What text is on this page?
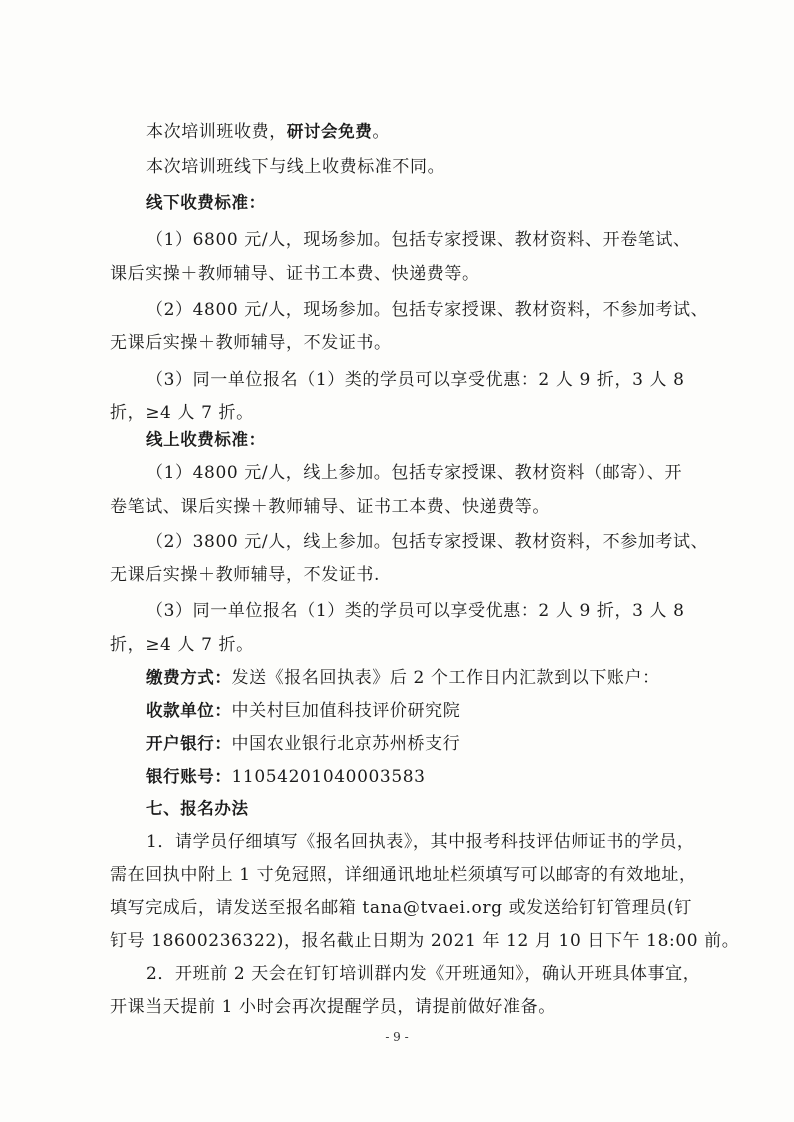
本次培训班收费，研讨会免费。
本次培训班线下与线上收费标准不同。
线下收费标准：
（1）6800 元/人，现场参加。包括专家授课、教材资料、开卷笔试、
课后实操＋教师辅导、证书工本费、快递费等。
（2）4800 元/人，现场参加。包括专家授课、教材资料，不参加考试、
无课后实操＋教师辅导，不发证书。
（3）同一单位报名（1）类的学员可以享受优惠：2 人 9 折，3 人 8
折，≥4 人 7 折。
线上收费标准：
（1）4800 元/人，线上参加。包括专家授课、教材资料（邮寄）、开
卷笔试、课后实操＋教师辅导、证书工本费、快递费等。
（2）3800 元/人，线上参加。包括专家授课、教材资料，不参加考试、
无课后实操＋教师辅导，不发证书.
（3）同一单位报名（1）类的学员可以享受优惠：2 人 9 折，3 人 8
折，≥4 人 7 折。
缴费方式：发送《报名回执表》后 2 个工作日内汇款到以下账户：
收款单位：中关村巨加值科技评价研究院
开户银行：中国农业银行北京苏州桥支行
银行账号：11054201040003583
七、报名办法
1．请学员仔细填写《报名回执表》，其中报考科技评估师证书的学员，
需在回执中附上 1 寸免冠照，详细通讯地址栏须填写可以邮寄的有效地址，
填写完成后，请发送至报名邮箱 tana@tvaei.org 或发送给钉钉管理员(钉
钉号 18600236322)，报名截止日期为 2021 年 12 月 10 日下午 18:00 前。
2．开班前 2 天会在钉钉培训群内发《开班通知》，确认开班具体事宜，
开课当天提前 1 小时会再次提醒学员，请提前做好准备。
- 9 -
